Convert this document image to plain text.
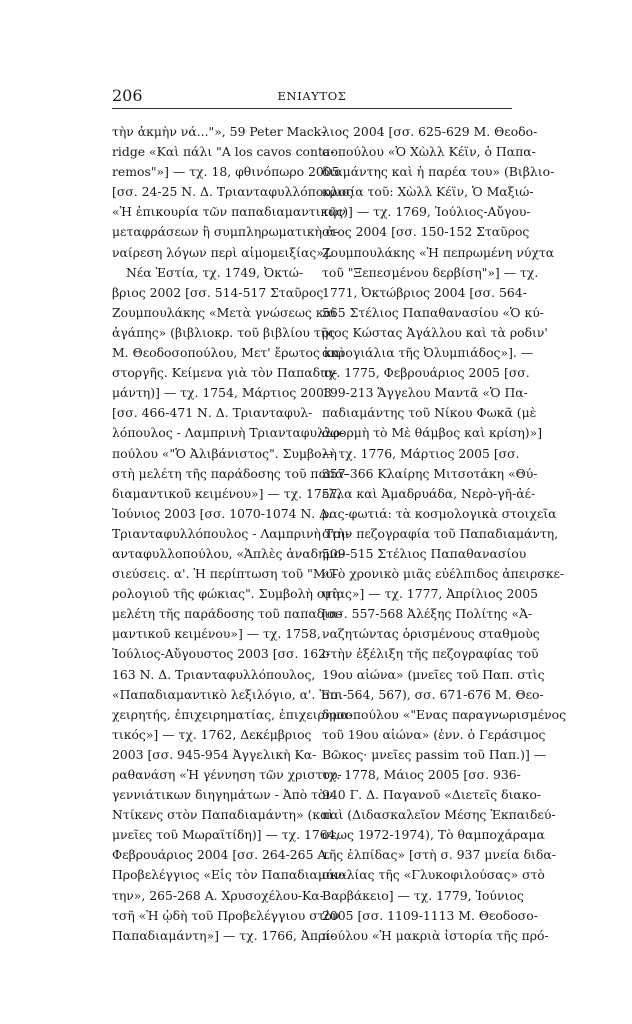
206	ΕΝΙΑΥΤΟΣ
τὴν ἀκμὴν νά..."», 59 Peter Mack-
ridge «Καὶ πάλι "A los cavos conta-
remos"»] — τχ. 18, φθινόπωρο 2005
[σσ. 24-25 Ν. Δ. Τριανταφυλλόπουλος
«Ἡ ἐπικουρία τῶν παπαδιαμαντικῶν
μεταφράσεων ἢ συμπληρωματικὴ ἀ-
ναίρεση λόγων περὶ αἱμομειξίας»].
Νέα Ἑστία, τχ. 1749, Ὀκτώ-
βριος 2002 [σσ. 514-517 Σταῦρος
Ζουμπουλάκης «Μετὰ γνώσεως καὶ
ἀγάπης» (βιβλιοκρ. τοῦ βιβλίου τῆς
Μ. Θεοδοσοπούλου, Μετ' ἔρωτος καὶ
στοργῆς. Κείμενα γιὰ τὸν Παπαδια-
μάντη)] — τχ. 1754, Μάρτιος 2003
[σσ. 466-471 Ν. Δ. Τριανταφυλ-
λόπουλος - Λαμπρινὴ Τριανταφυλλο-
πούλου «"Ὁ Ἀλιβάνιστος". Συμβολὴ
στὴ μελέτη τῆς παράδοσης τοῦ παπα-
διαμαντικοῦ κειμένου»] — τχ. 1757,
Ἰούνιος 2003 [σσ. 1070-1074 Ν. Δ.
Τριανταφυλλόπουλος - Λαμπρινὴ Τρι-
ανταφυλλοπούλου, «Ἁπλὲς ἀναδημο-
σιεύσεις. α'. Ἡ περίπτωση τοῦ "Μυ-
ρολογιοῦ τῆς φώκιας". Συμβολὴ στὴ
μελέτη τῆς παράδοσης τοῦ παπαδια-
μαντικοῦ κειμένου»] — τχ. 1758,
Ἰούλιος-Αὔγουστος 2003 [σσ. 162-
163 Ν. Δ. Τριανταφυλλόπουλος,
«Παπαδιαμαντικὸ λεξιλόγιο, α'. Ἐπι-
χειρητής, ἐπιχειρηματίας, ἐπιχειρημα-
τικός»] — τχ. 1762, Δεκέμβριος
2003 [σσ. 945-954 Ἀγγελικὴ Κα-
ραθανάση «Ἡ γέννηση τῶν χριστου-
γεννιάτικων διηγημάτων - Ἀπὸ τὸν
Ντίκενς στὸν Παπαδιαμάντη» (καὶ
μνεῖες τοῦ Μωραϊτίδη)] — τχ. 1764,
Φεβρουάριος 2004 [σσ. 264-265 Α.
Προβελέγγιος «Εἰς τὸν Παπαδιαμάν-
την», 265-268 Α. Χρυσοχέλου-Κα-
τσῆ «Ἡ ᾠδὴ τοῦ Προβελέγγιου στὸν
Παπαδιαμάντη»] — τχ. 1766, Ἀπρί-
λιος 2004 [σσ. 625-629 Μ. Θεοδο-
σοπούλου «Ὁ Χὼλλ Κέϊν, ὁ Παπα-
διαμάντης καὶ ἡ παρέα του» (Βιβλιο-
κρισία τοῦ: Χὼλλ Κέϊν, Ὁ Μαξιώ-
της)] — τχ. 1769, Ἰούλιος-Αὔγου-
στος 2004 [σσ. 150-152 Σταῦρος
Ζουμπουλάκης «Ἡ πεπρωμένη νύχτα
τοῦ "Ξεπεσμένου δερβίση"»] — τχ.
1771, Ὀκτώβριος 2004 [σσ. 564-
565 Στέλιος Παπαθανασίου «Ὁ κύ-
ριος Κώστας Ἀγάλλου καὶ τὰ ροδιν'
ἀκρογιάλια τῆς Ὀλυμπιάδος»]. —
τχ. 1775, Φεβρουάριος 2005 [σσ.
199-213 Ἄγγελου Μαντᾶ «Ὁ Πα-
παδιαμάντης τοῦ Νίκου Φωκᾶ (μὲ
ἀφορμὴ τὸ Μὲ θάμβος καὶ κρίση)»]
— τχ. 1776, Μάρτιος 2005 [σσ.
357-366 Κλαίρης Μιτσοτάκη «Θύ-
ελλα καὶ Ἀμαδρυάδα, Νερὸ-γῆ-ἀέ-
ρας-φωτιά: τὰ κοσμολογικὰ στοιχεῖα
στὴν πεζογραφία τοῦ Παπαδιαμάντη,
509-515 Στέλιος Παπαθανασίου
«Τὸ χρονικὸ μιᾶς εὐέλπιδος ἀπειρσκε-
ψίας»] — τχ. 1777, Ἀπρίλιος 2005
[σσ. 557-568 Ἀλέξης Πολίτης «Ἀ-
ναζητώντας ὁρισμένους σταθμοὺς
στὴν ἐξέλιξη τῆς πεζογραφίας τοῦ
19ου αἰώνα» (μνεῖες τοῦ Παπ. στὶς
σσ. 564, 567), σσ. 671-676 Μ. Θεο-
δοσοπούλου «"Ενας παραγνωρισμένος
τοῦ 19ου αἰώνα» (ἐνν. ὁ Γεράσιμος
Βῶκος· μνεῖες passim τοῦ Παπ.)] —
τχ. 1778, Μάιος 2005 [σσ. 936-
940 Γ. Δ. Παγανοῦ «Διετεῖς διακο-
παὶ (Διδασκαλεῖον Μέσης Ἐκπαιδεύ-
σεως 1972-1974), Τὸ θαμποχάραμα
τῆς ἐλπίδας» [στὴ σ. 937 μνεία διδα-
σκαλίας τῆς «Γλυκοφιλούσας» στὸ
Βαρβάκειο] — τχ. 1779, Ἰούνιος
2005 [σσ. 1109-1113 Μ. Θεοδοσο-
πούλου «Ἡ μακριὰ ἱστορία τῆς πρό-
